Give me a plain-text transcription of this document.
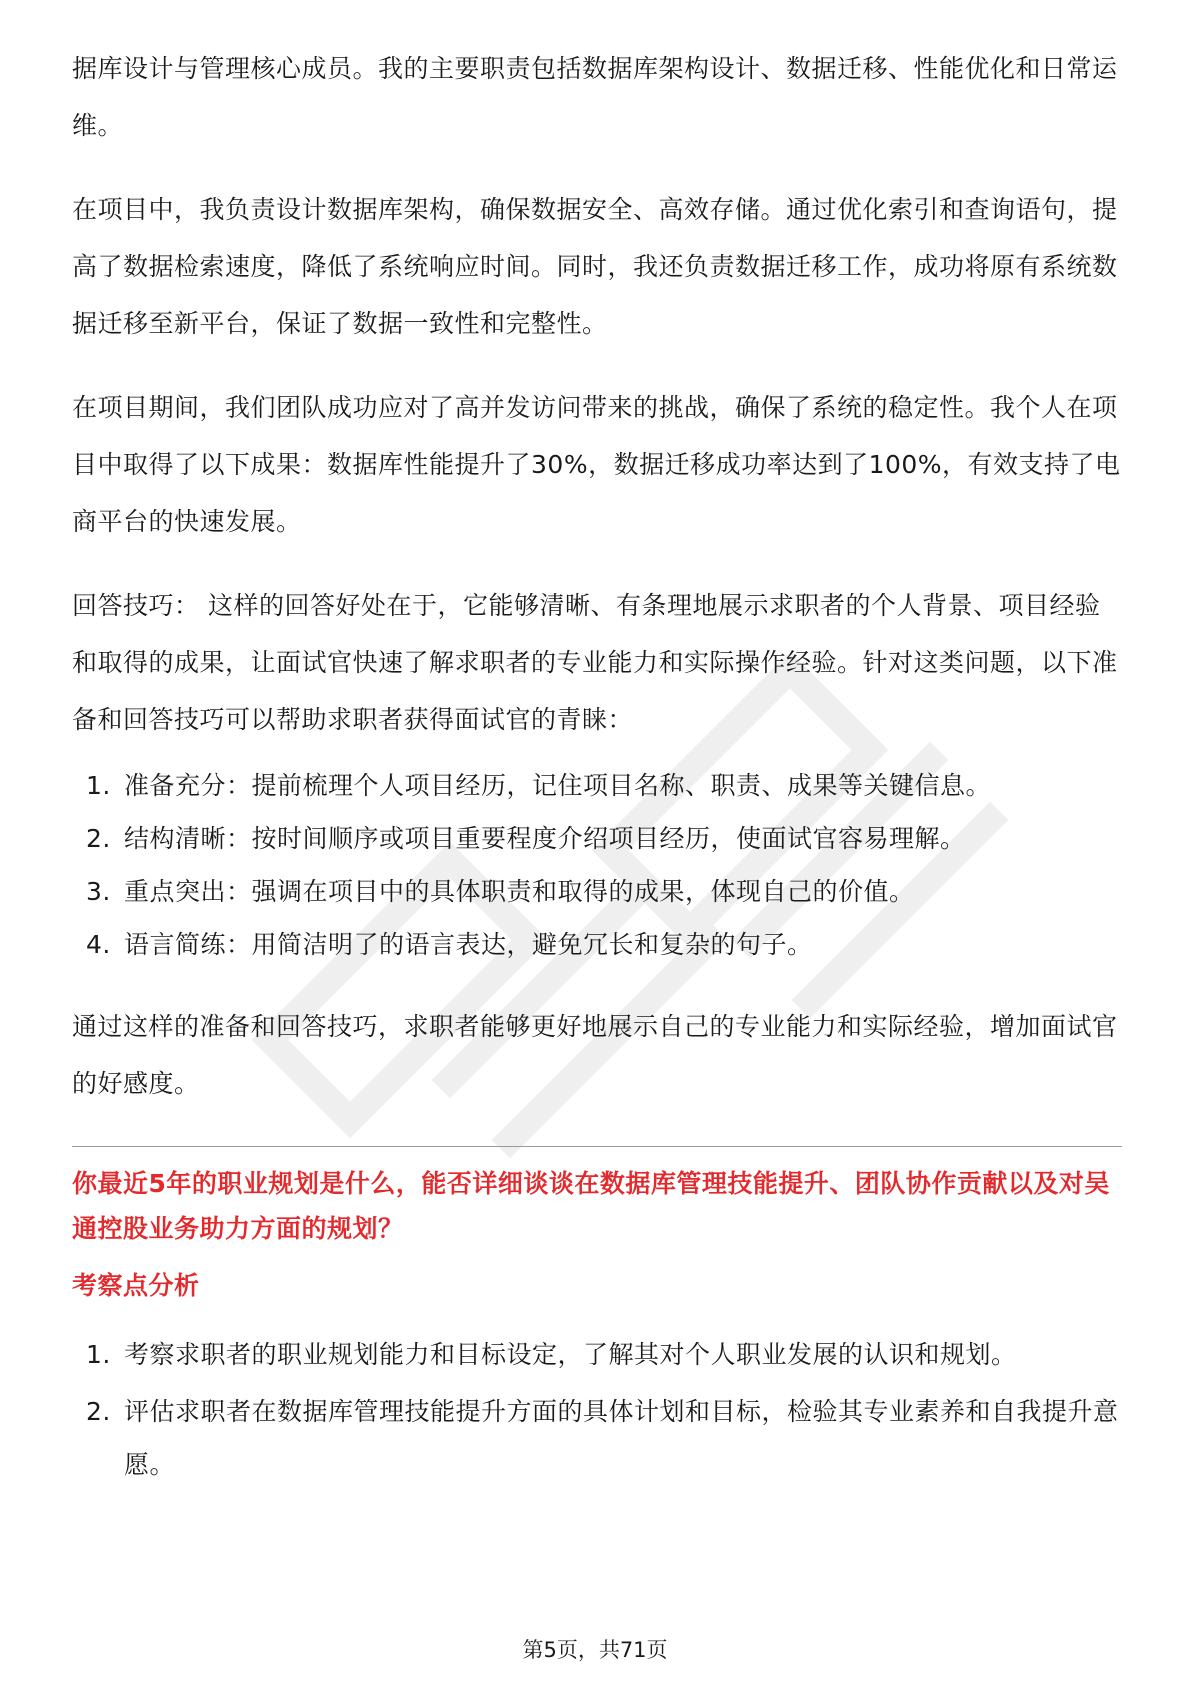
据库设计与管理核心成员。我的主要职责包括数据库架构设计、数据迁移、性能优化和日常运维。

在项目中，我负责设计数据库架构，确保数据安全、高效存储。通过优化索引和查询语句，提高了数据检索速度，降低了系统响应时间。同时，我还负责数据迁移工作，成功将原有系统数据迁移至新平台，保证了数据一致性和完整性。

在项目期间，我们团队成功应对了高并发访问带来的挑战，确保了系统的稳定性。我个人在项目中取得了以下成果：数据库性能提升了30%，数据迁移成功率达到了100%，有效支持了电商平台的快速发展。

回答技巧： 这样的回答好处在于，它能够清晰、有条理地展示求职者的个人背景、项目经验和取得的成果，让面试官快速了解求职者的专业能力和实际操作经验。针对这类问题，以下准备和回答技巧可以帮助求职者获得面试官的青睐：

1. 准备充分：提前梳理个人项目经历，记住项目名称、职责、成果等关键信息。
2. 结构清晰：按时间顺序或项目重要程度介绍项目经历，使面试官容易理解。
3. 重点突出：强调在项目中的具体职责和取得的成果，体现自己的价值。
4. 语言简练：用简洁明了的语言表达，避免冗长和复杂的句子。

通过这样的准备和回答技巧，求职者能够更好地展示自己的专业能力和实际经验，增加面试官的好感度。

你最近5年的职业规划是什么，能否详细谈谈在数据库管理技能提升、团队协作贡献以及对吴通控股业务助力方面的规划？

考察点分析

1. 考察求职者的职业规划能力和目标设定，了解其对个人职业发展的认识和规划。
2. 评估求职者在数据库管理技能提升方面的具体计划和目标，检验其专业素养和自我提升意愿。
第5页，共71页
